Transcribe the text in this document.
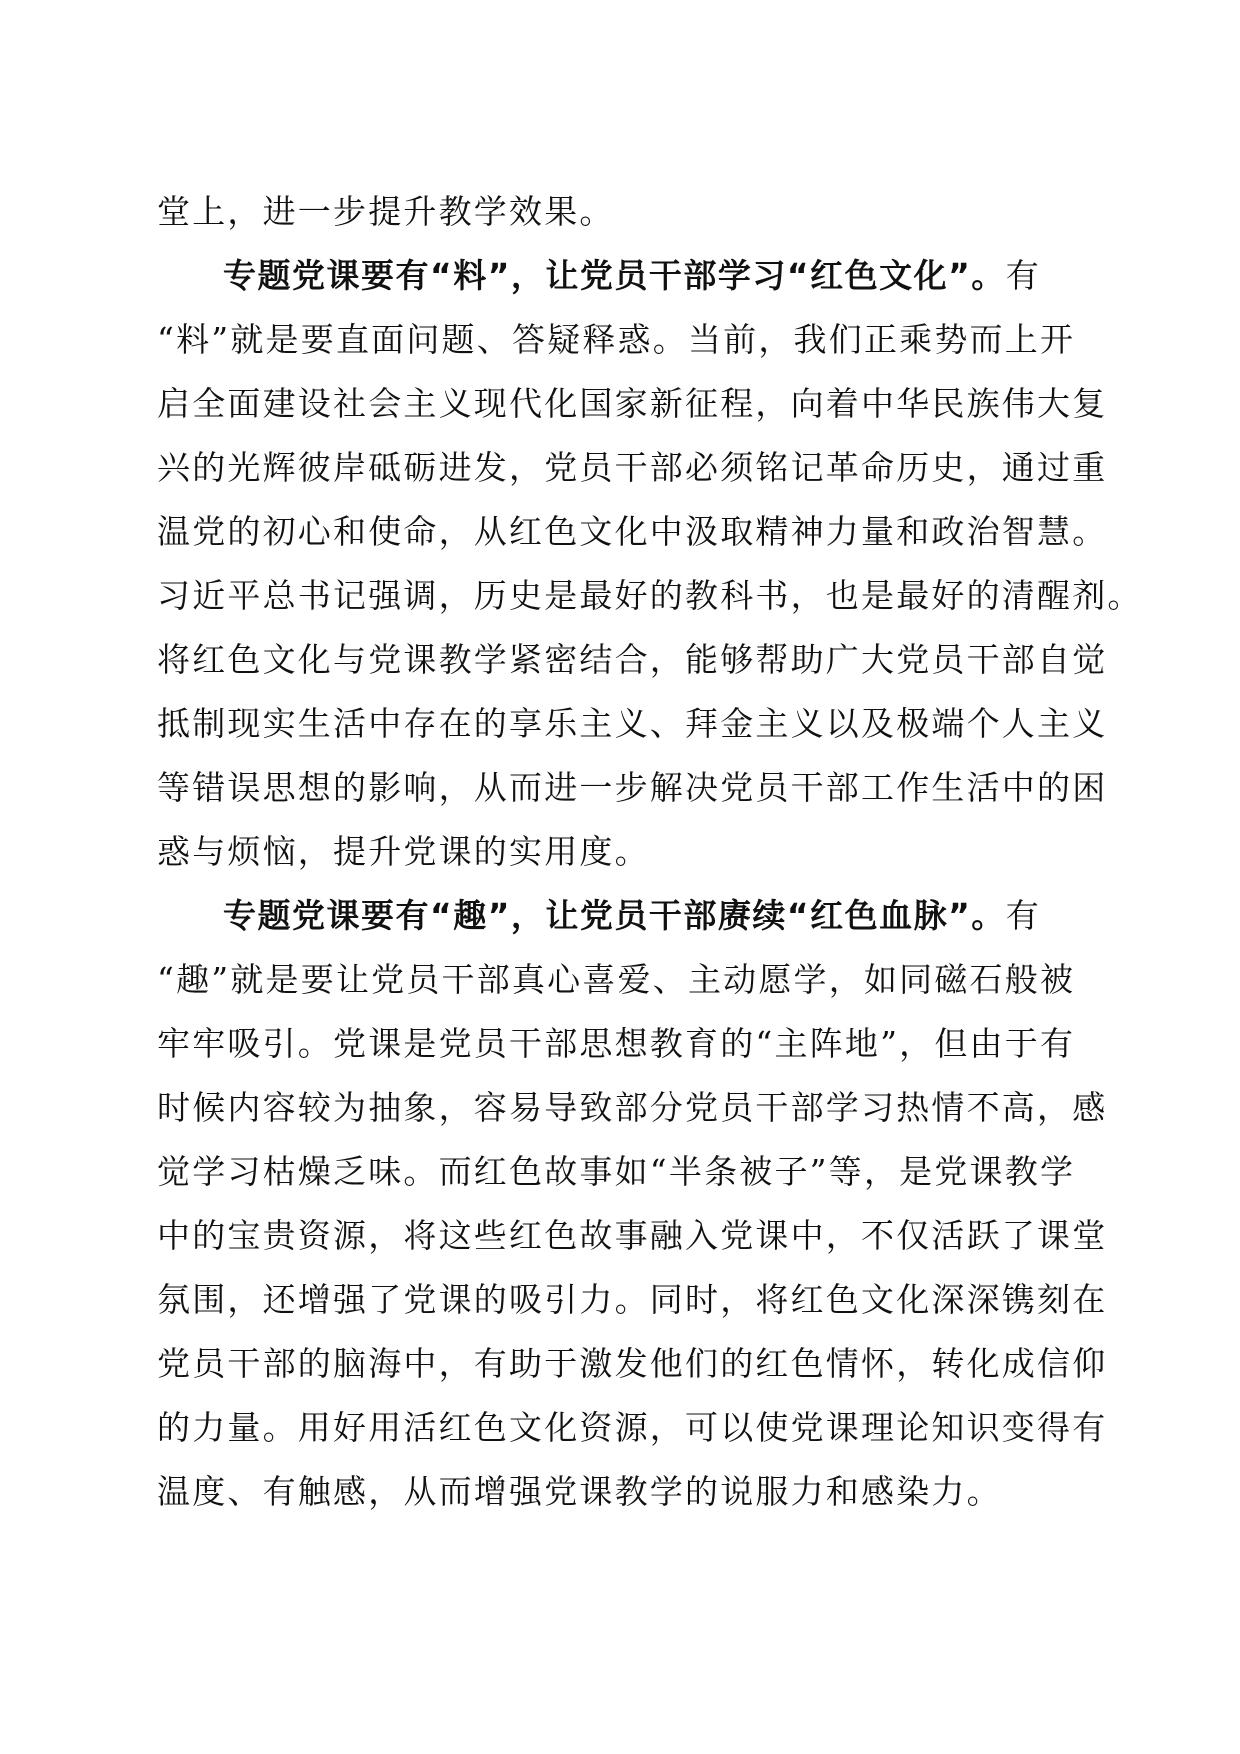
堂上，进一步提升教学效果。
专题党课要有“料”，让党员干部学习“红色文化”。有
“料”就是要直面问题、答疑释惑。当前，我们正乘势而上开
启全面建设社会主义现代化国家新征程，向着中华民族伟大复
兴的光辉彼岸砥砺进发，党员干部必须铭记革命历史，通过重
温党的初心和使命，从红色文化中汲取精神力量和政治智慧。
习近平总书记强调，历史是最好的教科书，也是最好的清醒剂。
将红色文化与党课教学紧密结合，能够帮助广大党员干部自觉
抵制现实生活中存在的享乐主义、拜金主义以及极端个人主义
等错误思想的影响，从而进一步解决党员干部工作生活中的困
惑与烦恼，提升党课的实用度。
专题党课要有“趣”，让党员干部赓续“红色血脉”。有
“趣”就是要让党员干部真心喜爱、主动愿学，如同磁石般被
牢牢吸引。党课是党员干部思想教育的“主阵地”，但由于有
时候内容较为抽象，容易导致部分党员干部学习热情不高，感
觉学习枯燥乏味。而红色故事如“半条被子”等，是党课教学
中的宝贵资源，将这些红色故事融入党课中，不仅活跃了课堂
氛围，还增强了党课的吸引力。同时，将红色文化深深镌刻在
党员干部的脑海中，有助于激发他们的红色情怀，转化成信仰
的力量。用好用活红色文化资源，可以使党课理论知识变得有
温度、有触感，从而增强党课教学的说服力和感染力。
